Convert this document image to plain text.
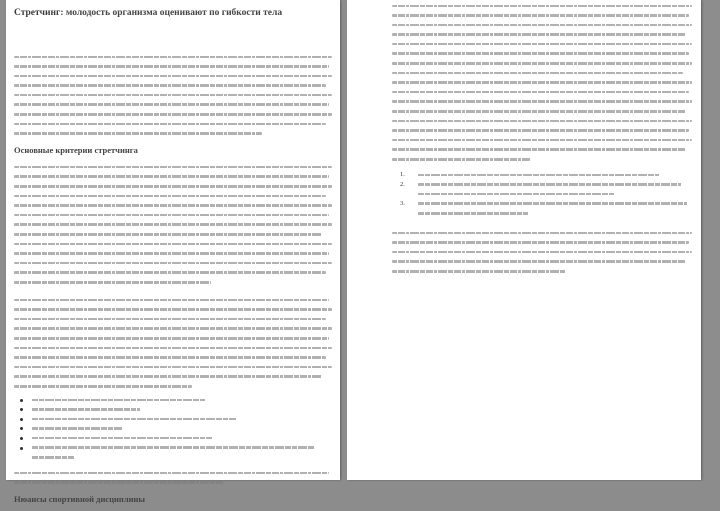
Стретчинг: молодость организма оценивают по гибкости тела
Основные критерии стретчинга
Нюансы спортивной дисциплины
1.
2.
3.
